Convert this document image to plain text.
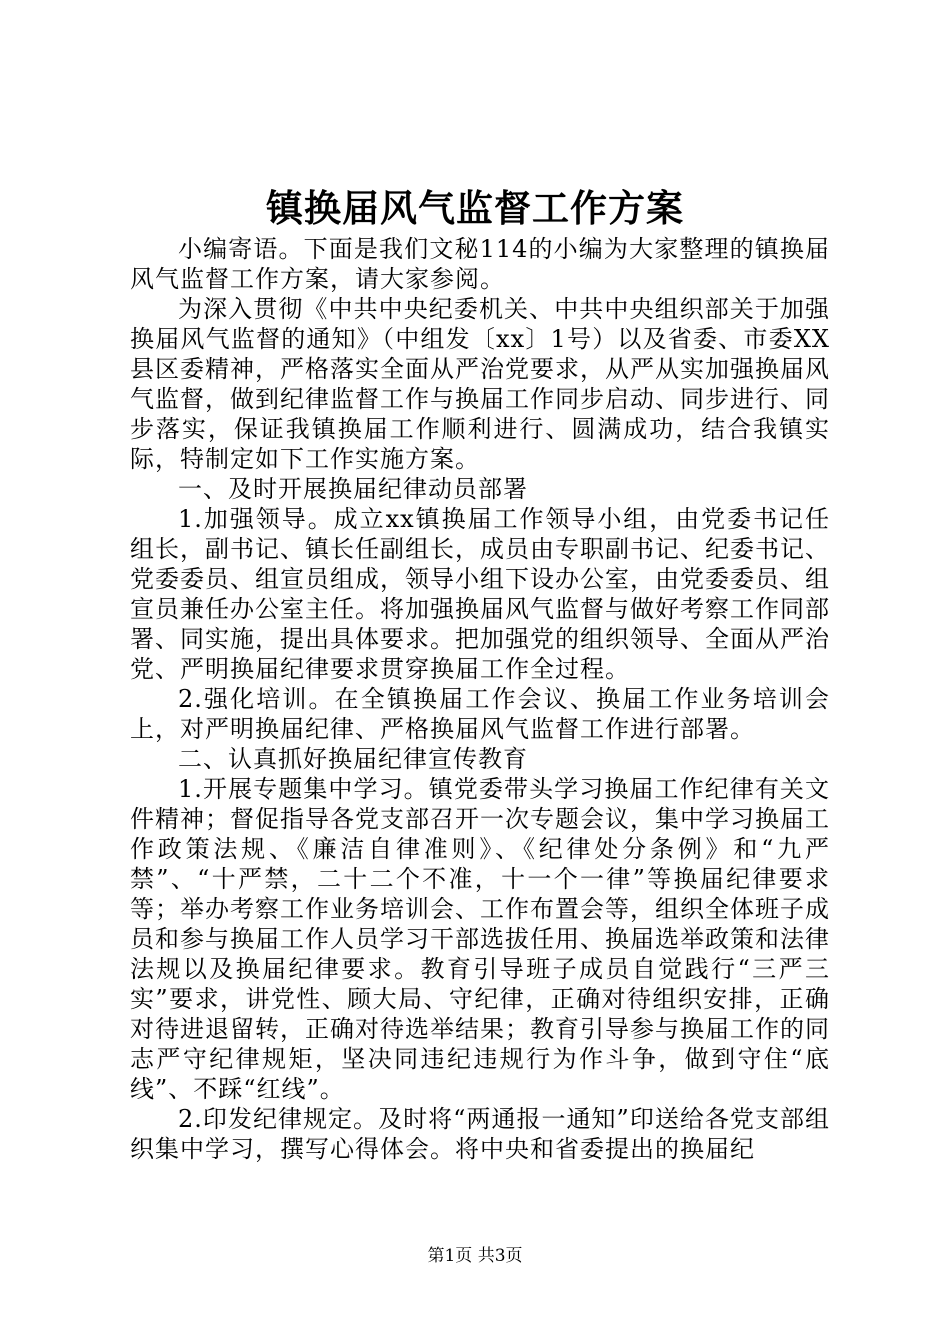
镇换届风气监督工作方案

小编寄语。下面是我们文秘114的小编为大家整理的镇换届风气监督工作方案，请大家参阅。

为深入贯彻《中共中央纪委机关、中共中央组织部关于加强换届风气监督的通知》（中组发〔xx〕1号）以及省委、市委XX县区委精神，严格落实全面从严治党要求，从严从实加强换届风气监督，做到纪律监督工作与换届工作同步启动、同步进行、同步落实，保证我镇换届工作顺利进行、圆满成功，结合我镇实际，特制定如下工作实施方案。

一、及时开展换届纪律动员部署

1.加强领导。成立xx镇换届工作领导小组，由党委书记任组长，副书记、镇长任副组长，成员由专职副书记、纪委书记、党委委员、组宣员组成，领导小组下设办公室，由党委委员、组宣员兼任办公室主任。将加强换届风气监督与做好考察工作同部署、同实施，提出具体要求。把加强党的组织领导、全面从严治党、严明换届纪律要求贯穿换届工作全过程。

2.强化培训。在全镇换届工作会议、换届工作业务培训会上，对严明换届纪律、严格换届风气监督工作进行部署。

二、认真抓好换届纪律宣传教育

1.开展专题集中学习。镇党委带头学习换届工作纪律有关文件精神；督促指导各党支部召开一次专题会议，集中学习换届工作政策法规、《廉洁自律准则》、《纪律处分条例》和“九严禁”、“十严禁，二十二个不准，十一个一律”等换届纪律要求等；举办考察工作业务培训会、工作布置会等，组织全体班子成员和参与换届工作人员学习干部选拔任用、换届选举政策和法律法规以及换届纪律要求。教育引导班子成员自觉践行“三严三实”要求，讲党性、顾大局、守纪律，正确对待组织安排，正确对待进退留转，正确对待选举结果；教育引导参与换届工作的同志严守纪律规矩，坚决同违纪违规行为作斗争，做到守住“底线”、不踩“红线”。

2.印发纪律规定。及时将“两通报一通知”印送给各党支部组织集中学习，撰写心得体会。将中央和省委提出的换届纪

第1页 共3页
